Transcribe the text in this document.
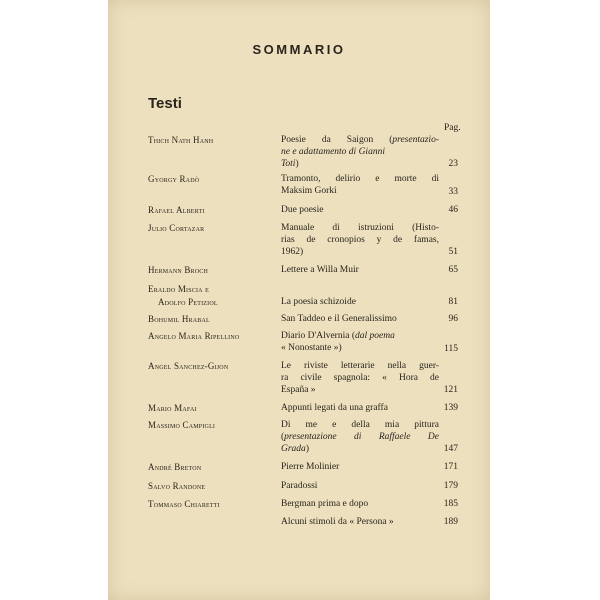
SOMMARIO
Testi
Pag.
Thich Nath Hanh	Poesie da Saigon (presentazio-
ne e adattamento di Gianni
Toti)	23
Gyorgy Radò	Tramonto, delirio e morte di
Maksim Gorki	33
Rafael Alberti	Due poesie	46
Julio Cortazar	Manuale di istruzioni (Histo-
rias de cronopios y de famas,
1962)	51
Hermann Broch	Lettere a Willa Muir	65
Eraldo Miscia e
Adolfo Petiziol	La poesia schizoide	81
Bohumil Hrabal	San Taddeo e il Generalissimo	96
Angelo Maria Ripellino	Diario D'Alvernia (dal poema
« Nonostante »)	115
Angel Sanchez-Gijon	Le riviste letterarie nella guer-
ra civile spagnola: « Hora de
España »	121
Mario Mafai	Appunti legati da una graffa	139
Massimo Campigli	Di me e della mia pittura
(presentazione di Raffaele De
Grada)	147
André Breton	Pierre Molinier	171
Salvo Randone	Paradossi	179
Tommaso Chiaretti	Bergman prima e dopo	185
Alcuni stimoli da « Persona »	189
